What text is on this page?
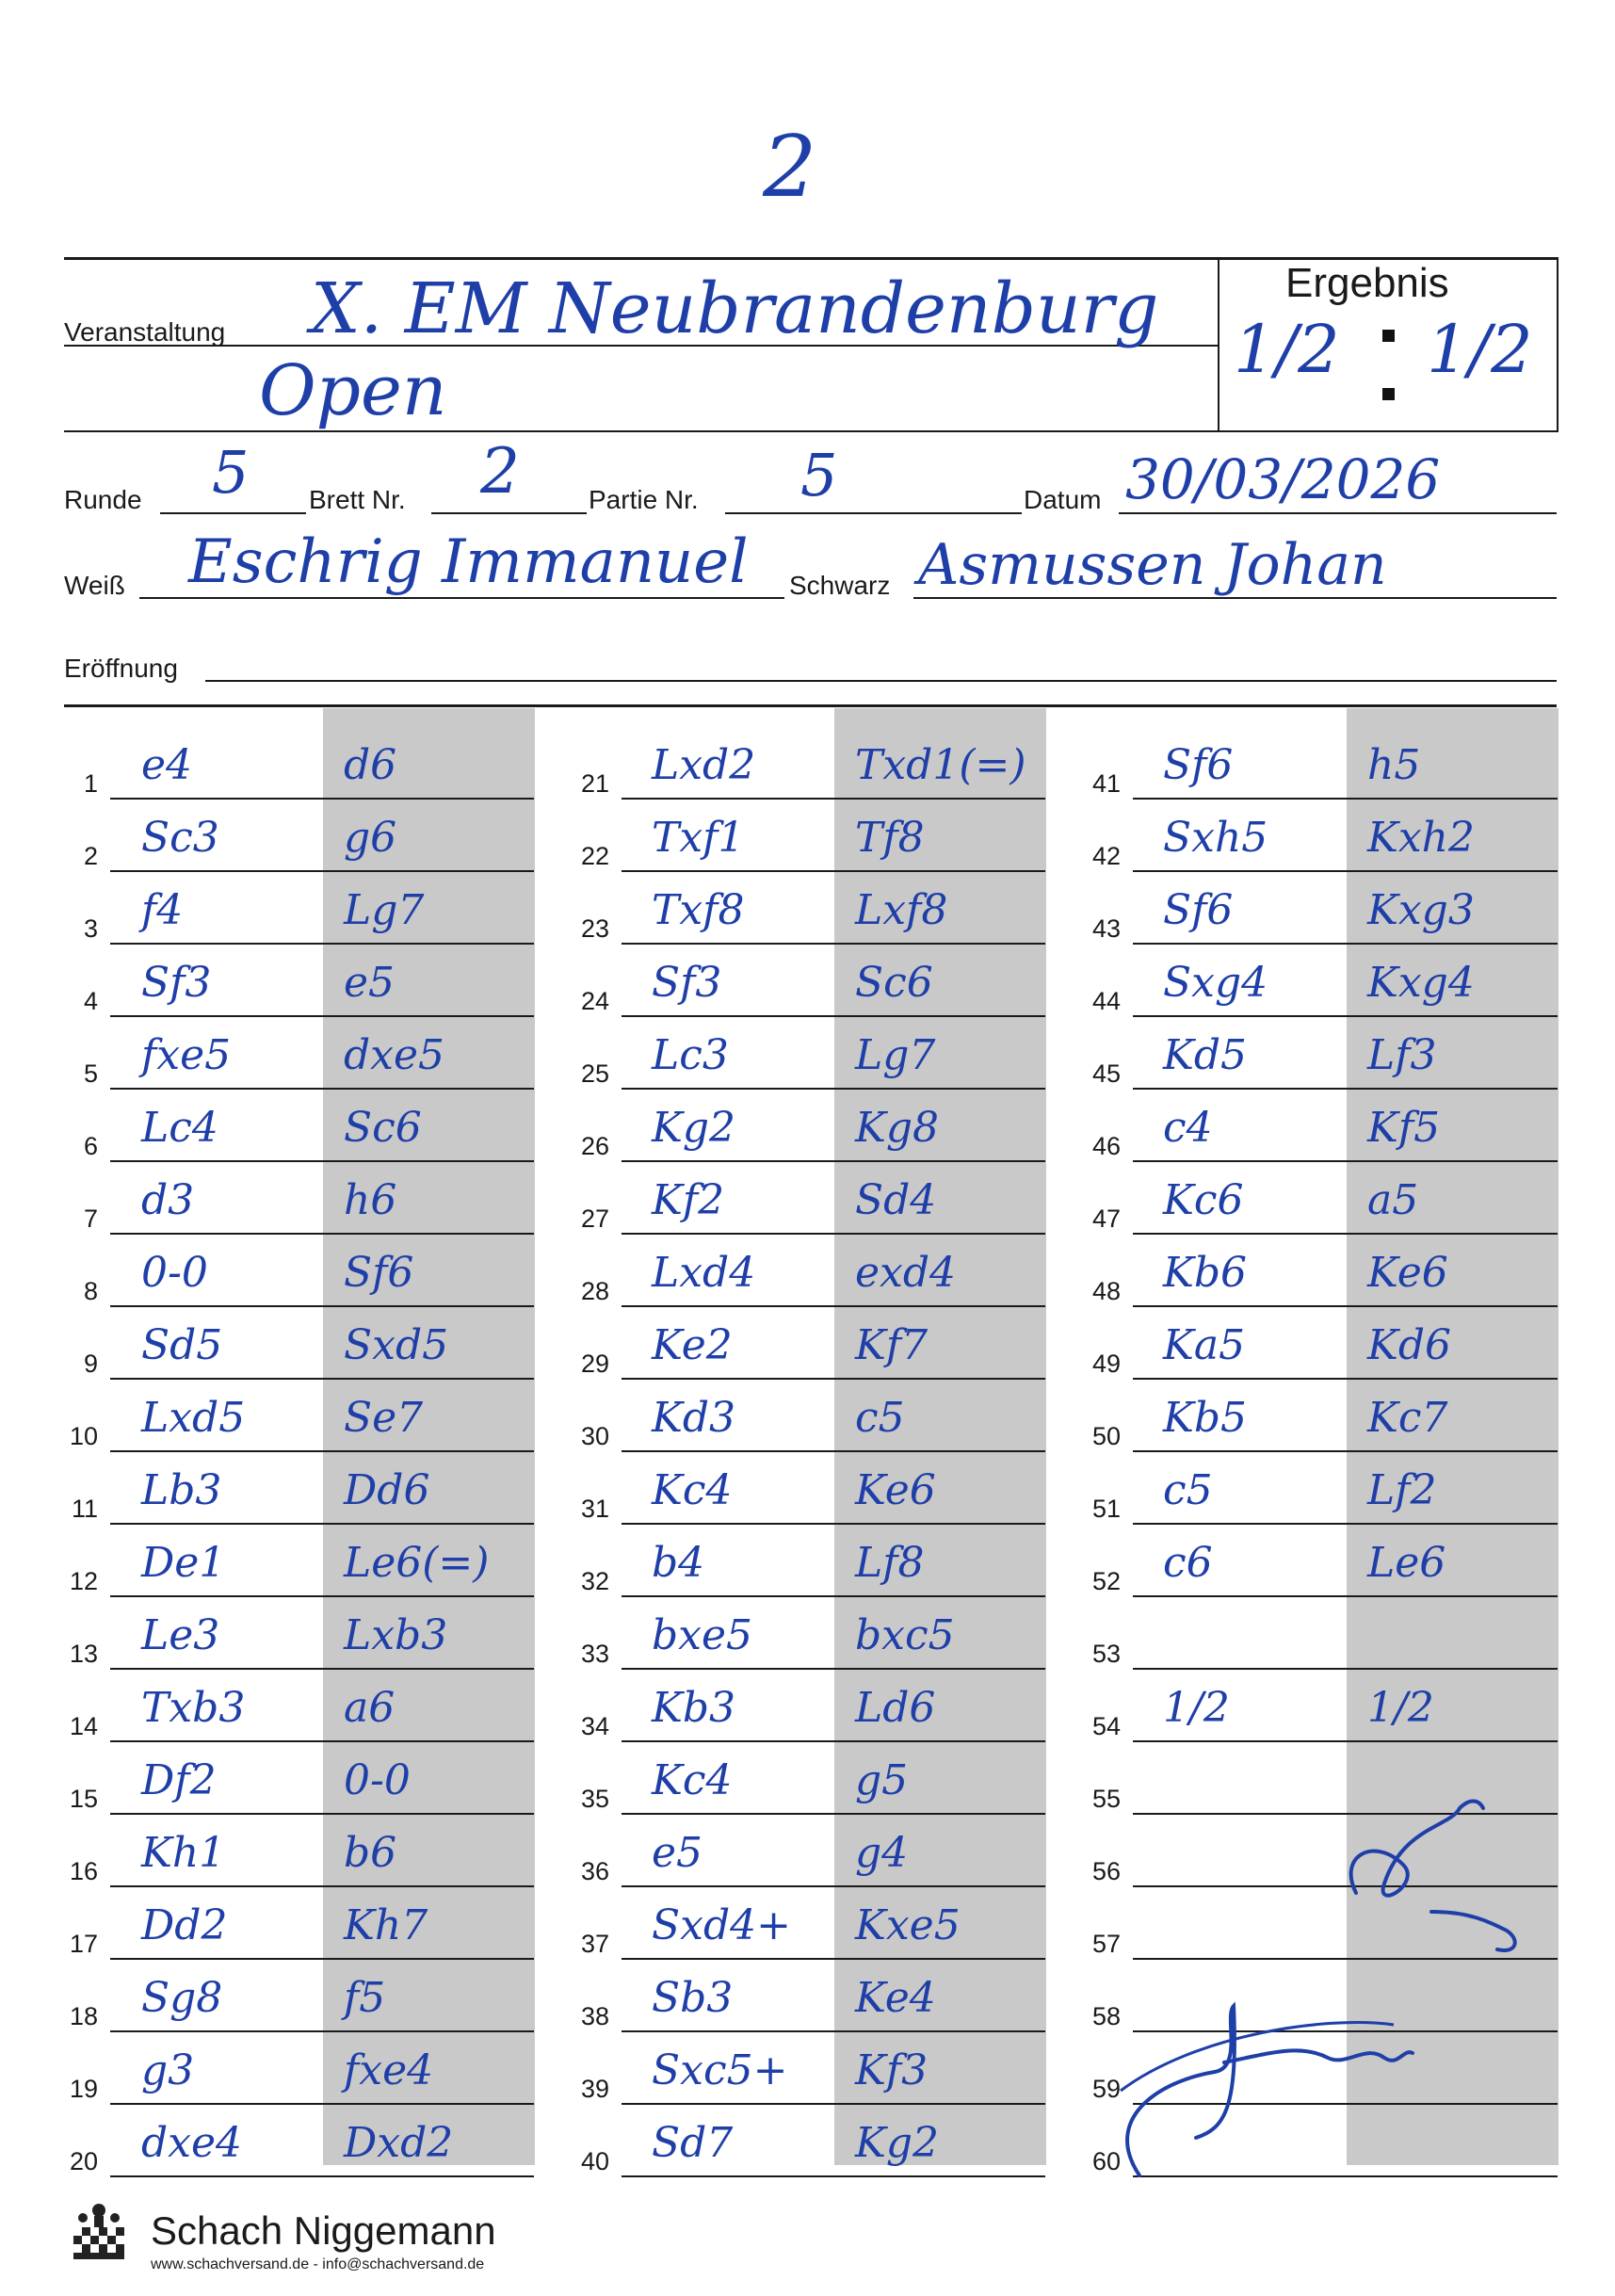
2
Ergebnis
1/2 1/2
Veranstaltung X. EM Neubrandenburg
Open
Runde 5 Brett Nr. 2	Partie Nr. 5	Datum 30/03/2026
Weiß Eschrig Immanuel Schwarz Asmussen Johan
Eröffnung
1 e4	d6
2 Sc3	g6
3 f4	Lg7
4 Sf3	e5
5 fxe5	dxe5
6 Lc4	Sc6
7 d3	h6
8 0-0	Sf6
9 Sd5	Sxd5
10 Lxd5 Se7
11 Lb3	Dd6
12 De1	Le6(=)
13 Le3	Lxb3
14 Txb3 a6
15 Df2	0-0
16 Kh1	b6
17 Dd2	Kh7
18 Sg8	f5
19 g3	fxe4
20 dxe4 Dxd2
21 Lxd2 Txd1(=)
22 Txf1	Tf8
23 Txf8	Lxf8
24 Sf3	Sc6
25 Lc3	Lg7
26 Kg2	Kg8
27 Kf2	Sd4
28 Lxd4 exd4
29 Ke2	Kf7
30 Kd3	c5
31 Kc4	Ke6
32 b4	Lf8
33 bxe5 bxc5
34 Kb3	Ld6
35 Kc4	g5
36 e5	g4
37 Sxd4+ Kxe5
38 Sb3	Ke4
39 Sxc5+ Kf3
40 Sd7	Kg2
41 Sf6	h5
42 Sxh5 Kxh2
43 Sf6	Kxg3
44 Sxg4 Kxg4
45 Kd5	Lf3
46 c4	Kf5
47 Kc6	a5
48 Kb6	Ke6
49 Ka5	Kd6
50 Kb5	Kc7
51 c5	Lf2
52 c6	Le6
53
54 1/2	1/2
55
56
57
58
59
60
Schach Niggemann
www.schachversand.de - info@schachversand.de
